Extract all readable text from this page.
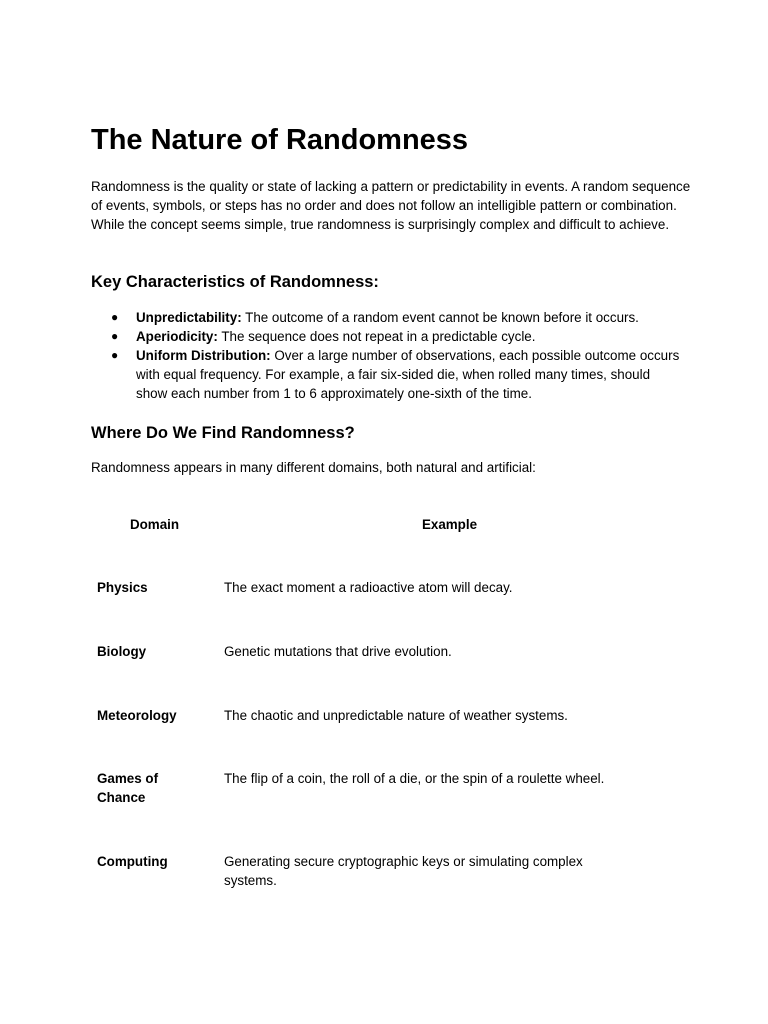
The Nature of Randomness

Randomness is the quality or state of lacking a pattern or predictability in events. A random sequence of events, symbols, or steps has no order and does not follow an intelligible pattern or combination. While the concept seems simple, true randomness is surprisingly complex and difficult to achieve.

Key Characteristics of Randomness:
● Unpredictability: The outcome of a random event cannot be known before it occurs.
● Aperiodicity: The sequence does not repeat in a predictable cycle.
● Uniform Distribution: Over a large number of observations, each possible outcome occurs with equal frequency. For example, a fair six-sided die, when rolled many times, should show each number from 1 to 6 approximately one-sixth of the time.
Where Do We Find Randomness?

Randomness appears in many different domains, both natural and artificial:

Domain	Example
Physics	The exact moment a radioactive atom will decay.

Biology	Genetic mutations that drive evolution.

Meteorology	The chaotic and unpredictable nature of weather systems.

Games of Chance	The flip of a coin, the roll of a die, or the spin of a roulette wheel.

Computing	Generating secure cryptographic keys or simulating complex systems.
